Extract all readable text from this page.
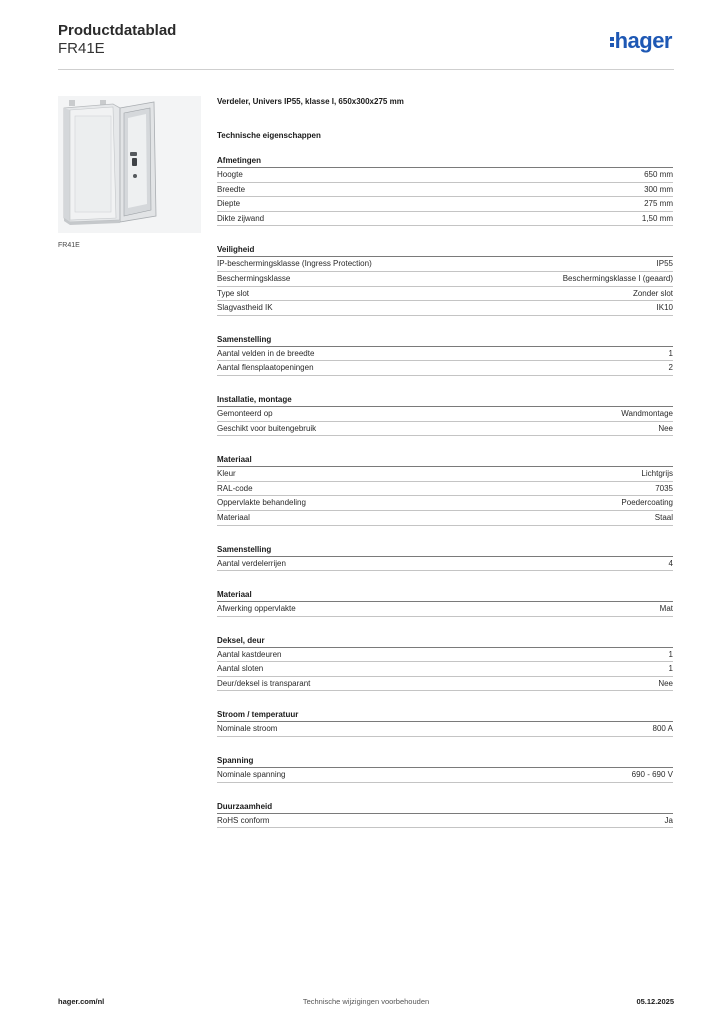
Productdatablad
FR41E	hager
FR41E
Verdeler, Univers IP55, klasse I, 650x300x275 mm
Technische eigenschappen
Afmetingen
Hoogte	650 mm
Breedte	300 mm
Diepte	275 mm
Dikte zijwand	1,50 mm
Veiligheid
IP-beschermingsklasse (Ingress Protection)	IP55
Beschermingsklasse	Beschermingsklasse I (geaard)
Type slot	Zonder slot
Slagvastheid IK	IK10
Samenstelling
Aantal velden in de breedte	1
Aantal flensplaatopeningen	2
Installatie, montage
Gemonteerd op	Wandmontage
Geschikt voor buitengebruik	Nee
Materiaal
Kleur	Lichtgrijs
RAL-code	7035
Oppervlakte behandeling	Poedercoating
Materiaal	Staal
Samenstelling
Aantal verdelerrijen	4
Materiaal
Afwerking oppervlakte	Mat
Deksel, deur
Aantal kastdeuren	1
Aantal sloten	1
Deur/deksel is transparant	Nee
Stroom / temperatuur
Nominale stroom	800 A
Spanning
Nominale spanning	690 - 690 V
Duurzaamheid
RoHS conform	Ja
Technische wijzigingen voorbehouden
hager.com/nl	05.12.2025
